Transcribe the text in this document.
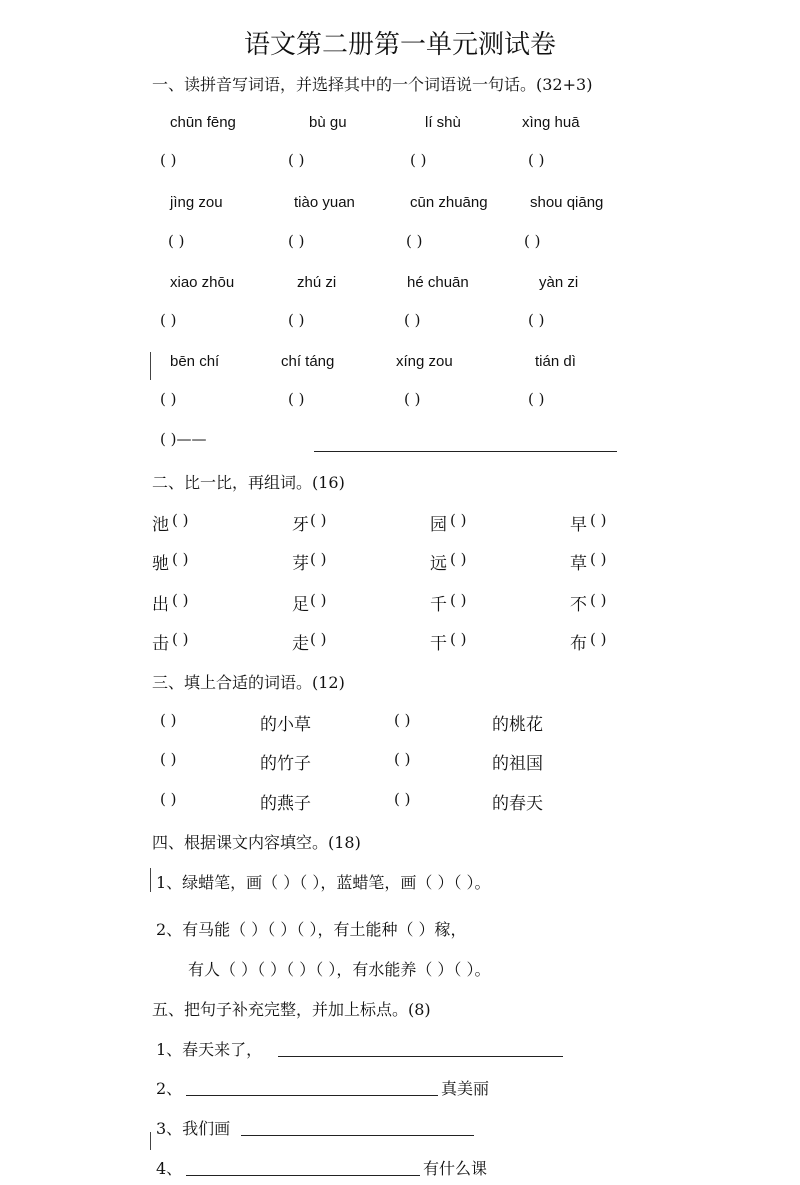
语文第二册第一单元测试卷
一、读拼音写词语，并选择其中的一个词语说一句话。(32+3)
chūn fēng	bù gu	lí shù	xìng huā
( )	( )	( )	( )
jìng zou	tiào yuan	cūn zhuāng	shou qiāng
( )	( )	( )	( )
xiao zhōu	zhú zi	hé chuān	yàn zi
( )	( )	( )	( )
bēn chí	chí táng	xíng zou	tián dì
( )	( )	( )	( )
( )——
二、比一比，再组词。(16)
池 ( )	牙 ( )	园 ( )	早 ( )
驰 ( )	芽 ( )	远 ( )	草 ( )
出 ( )	足 ( )	千 ( )	不 ( )
击 ( )	走 ( )	干 ( )	布 ( )
三、填上合适的词语。(12)
( )	的小草	( )	的桃花
( )	的竹子	( )	的祖国
( )	的燕子	( )	的春天
四、根据课文内容填空。(18)
1、绿蜡笔，画（ ）（ ），蓝蜡笔，画（ ）（ ）。
2、有马能（ ）（ ）（ ），有土能种（ ）稼，
有人（ ）（ ）（ ）（ ），有水能养（ ）（ ）。
五、把句子补充完整，并加上标点。(8)
1、春天来了，
2、	真美丽
3、我们画
4、	有什么课
